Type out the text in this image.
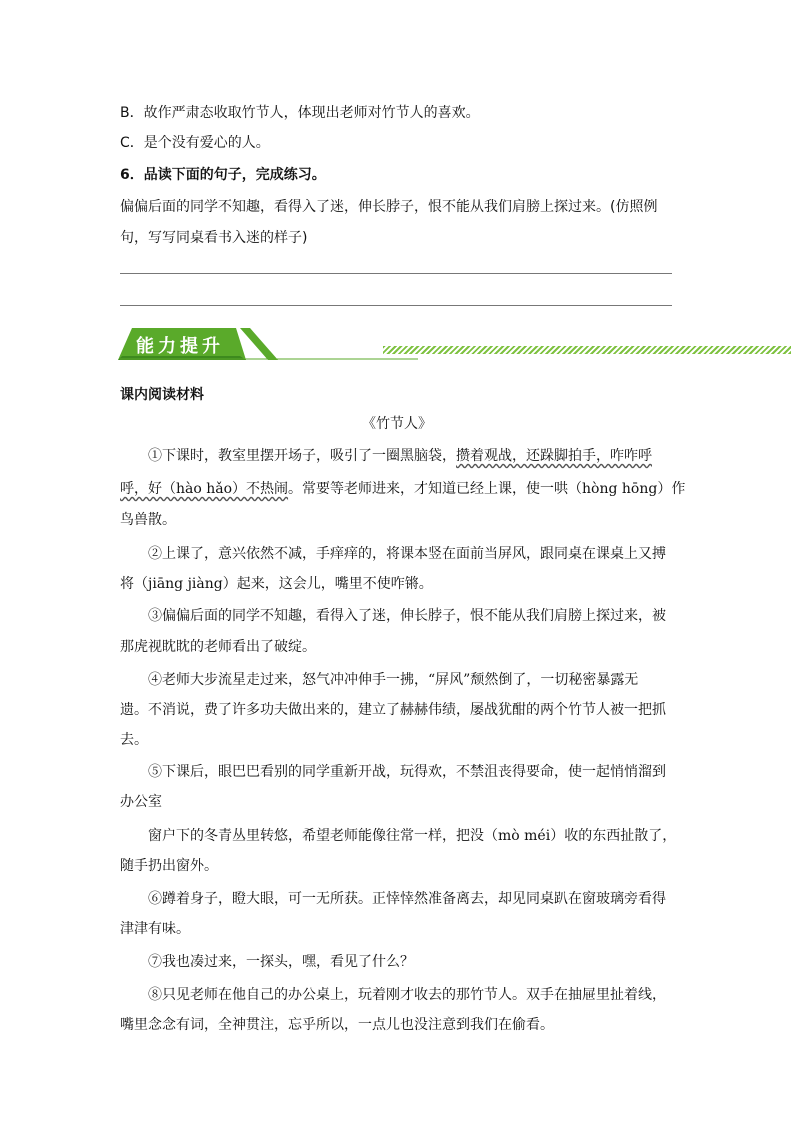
B．故作严肃态收取竹节人，体现出老师对竹节人的喜欢。
C．是个没有爱心的人。
6．品读下面的句子，完成练习。
偏偏后面的同学不知趣，看得入了迷，伸长脖子，恨不能从我们肩膀上探过来。(仿照例
句，写写同桌看书入迷的样子)
能力提升
课内阅读材料
《竹节人》
①下课时，教室里摆开场子，吸引了一圈黑脑袋，攒着观战，还跺脚拍手，咋咋呼
呼，好（hào hǎo）不热闹。常要等老师进来，才知道已经上课，使一哄（hòng hōng）作
鸟兽散。
②上课了，意兴依然不减，手痒痒的，将课本竖在面前当屏风，跟同桌在课桌上又搏
将（jiāng jiàng）起来，这会儿，嘴里不使咋锵。
③偏偏后面的同学不知趣，看得入了迷，伸长脖子，恨不能从我们肩膀上探过来，被
那虎视眈眈的老师看出了破绽。
④老师大步流星走过来，怒气冲冲伸手一拂，“屏风”颓然倒了，一切秘密暴露无
遗。不消说，费了许多功夫做出来的，建立了赫赫伟绩，屡战犹酣的两个竹节人被一把抓
去。
⑤下课后，眼巴巴看别的同学重新开战，玩得欢，不禁沮丧得要命，使一起悄悄溜到
办公室
窗户下的冬青丛里转悠，希望老师能像往常一样，把没（mò méi）收的东西扯散了，
随手扔出窗外。
⑥蹲着身子，瞪大眼，可一无所获。正悻悻然准备离去，却见同桌趴在窗玻璃旁看得
津津有味。
⑦我也凑过来，一探头，嘿，看见了什么？
⑧只见老师在他自己的办公桌上，玩着刚才收去的那竹节人。双手在抽屉里扯着线，
嘴里念念有词，全神贯注，忘乎所以，一点儿也没注意到我们在偷看。
